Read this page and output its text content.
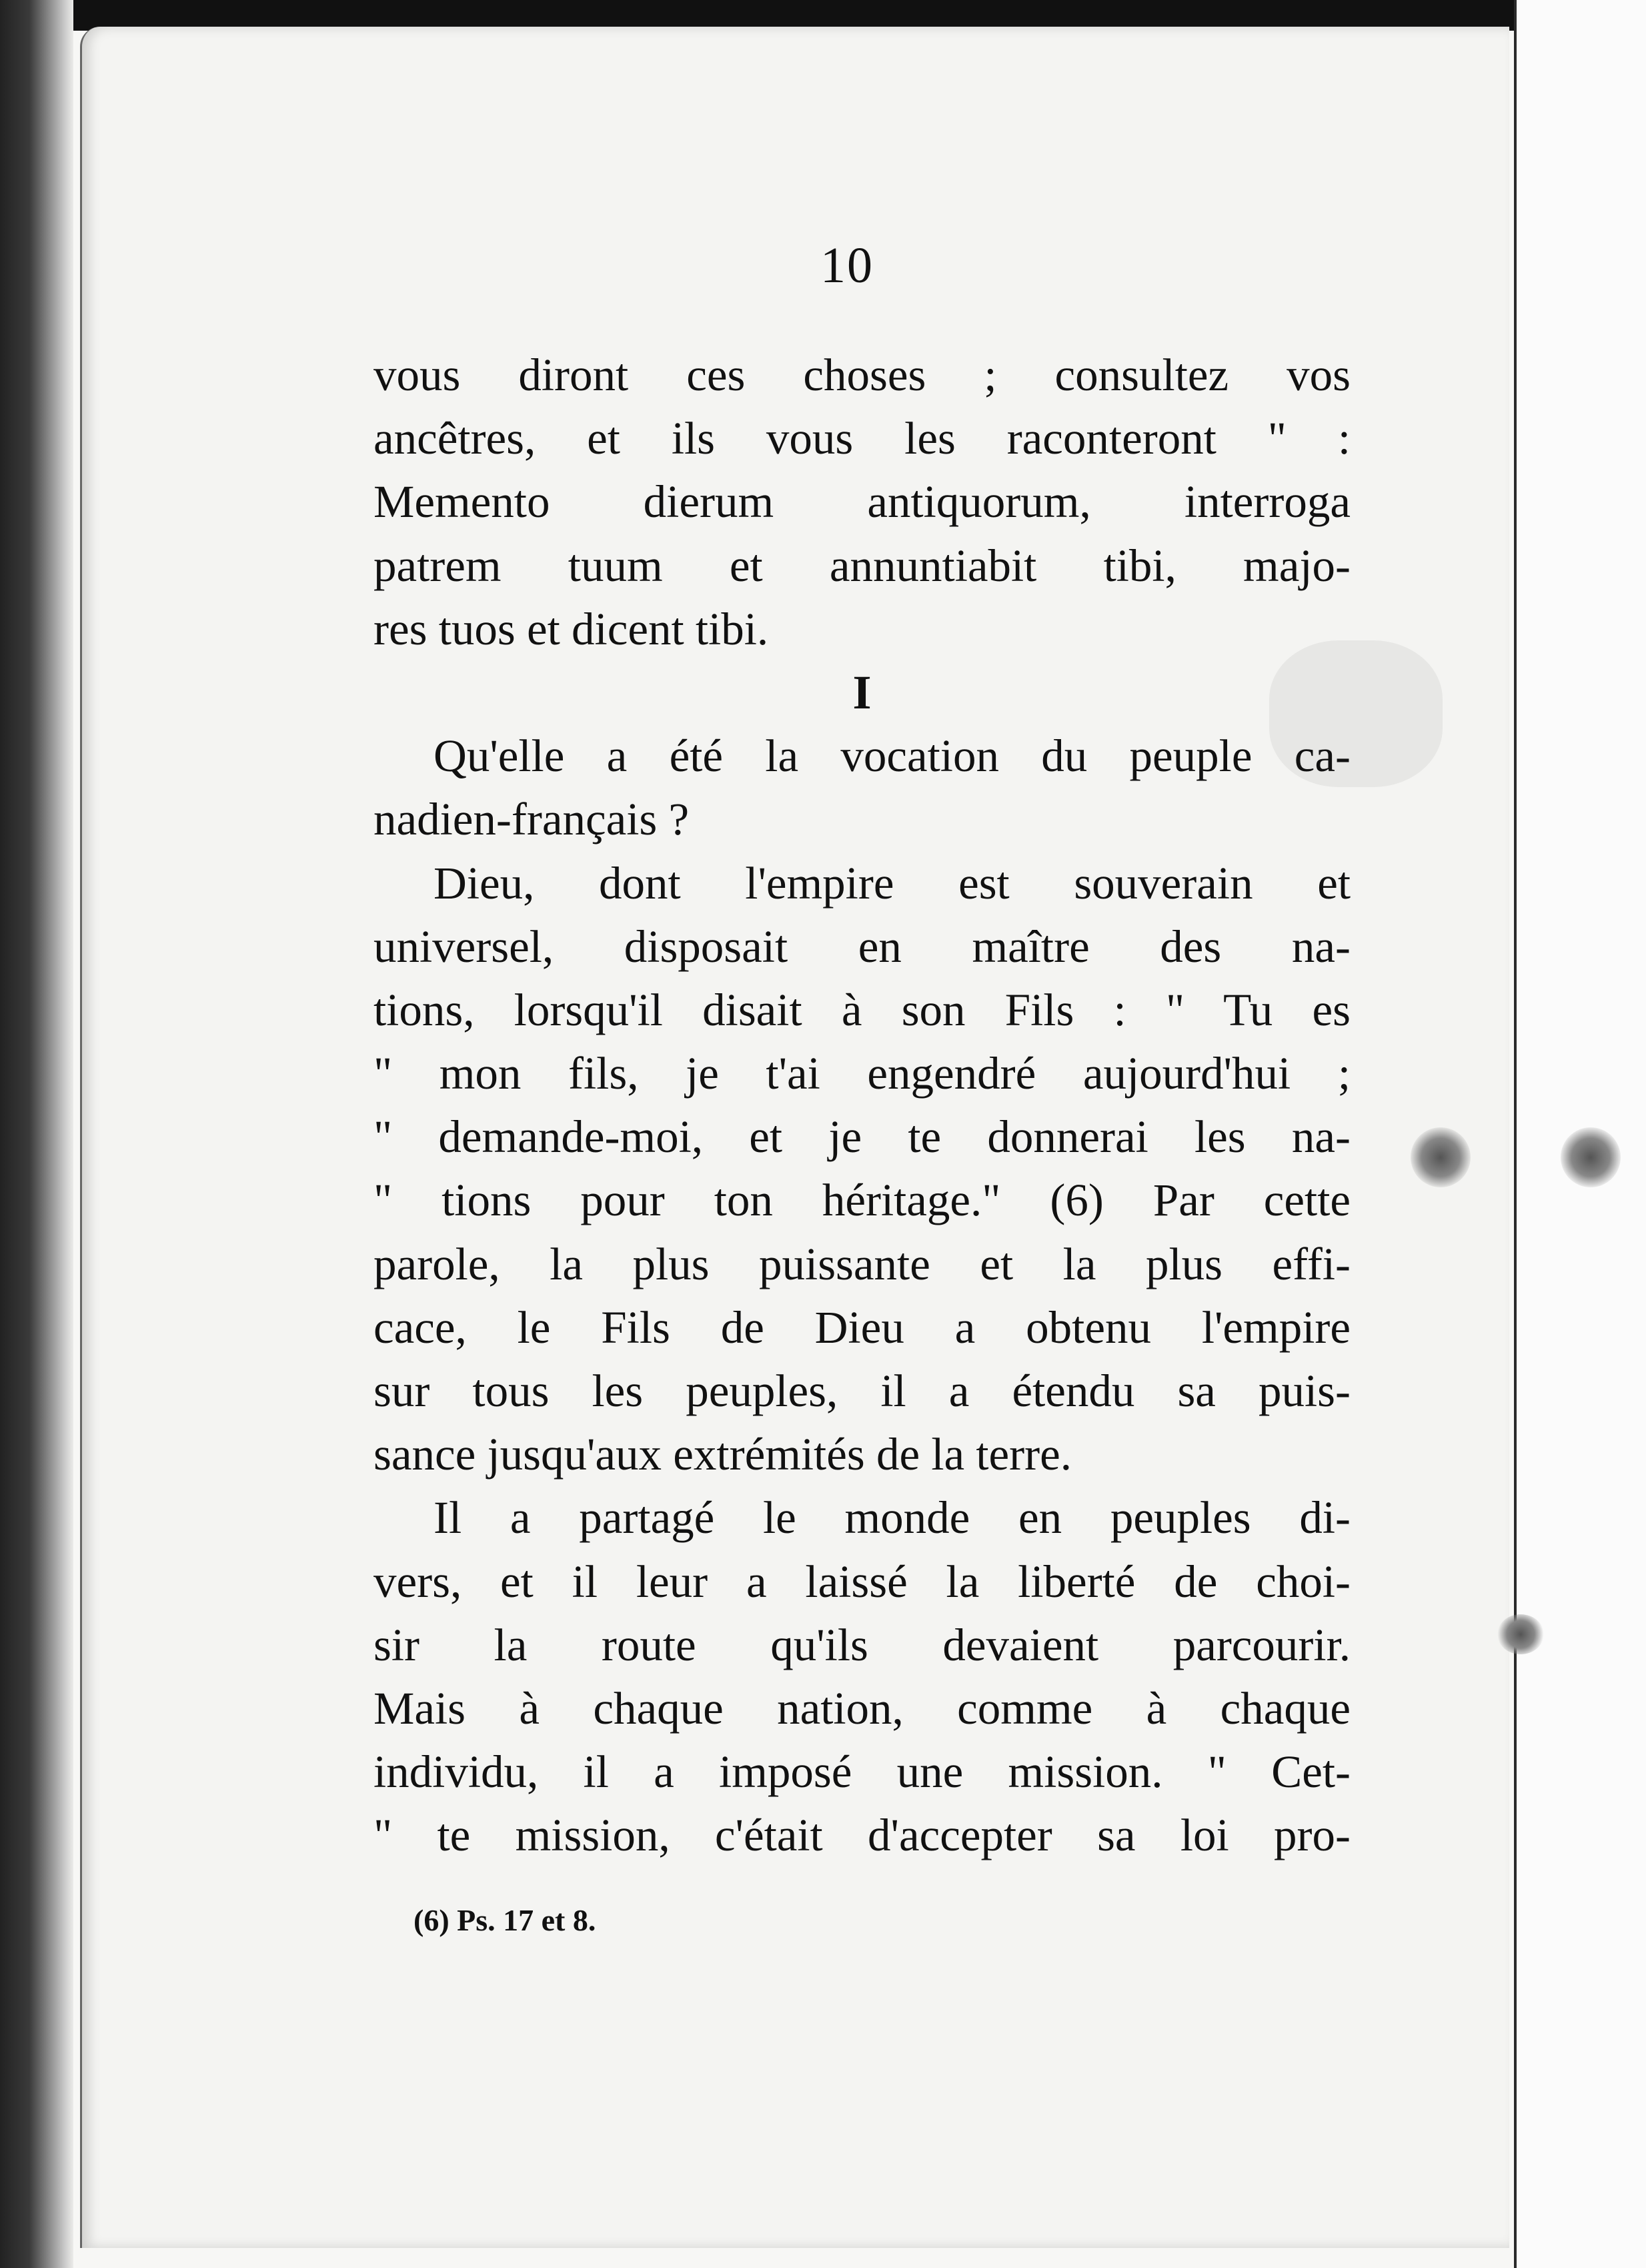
10
vous diront ces choses ; consultez vos
ancêtres, et ils vous les raconteront " :
Memento dierum antiquorum, interroga
patrem tuum et annuntiabit tibi, majo-
res tuos et dicent tibi.
I
Qu'elle a été la vocation du peuple ca-
nadien-français ?
Dieu, dont l'empire est souverain et
universel, disposait en maître des na-
tions, lorsqu'il disait à son Fils : " Tu es
" mon fils, je t'ai engendré aujourd'hui ;
" demande-moi, et je te donnerai les na-
" tions pour ton héritage." (6) Par cette
parole, la plus puissante et la plus effi-
cace, le Fils de Dieu a obtenu l'empire
sur tous les peuples, il a étendu sa puis-
sance jusqu'aux extrémités de la terre.
Il a partagé le monde en peuples di-
vers, et il leur a laissé la liberté de choi-
sir la route qu'ils devaient parcourir.
Mais à chaque nation, comme à chaque
individu, il a imposé une mission. " Cet-
" te mission, c'était d'accepter sa loi pro-
(6) Ps. 17 et 8.
